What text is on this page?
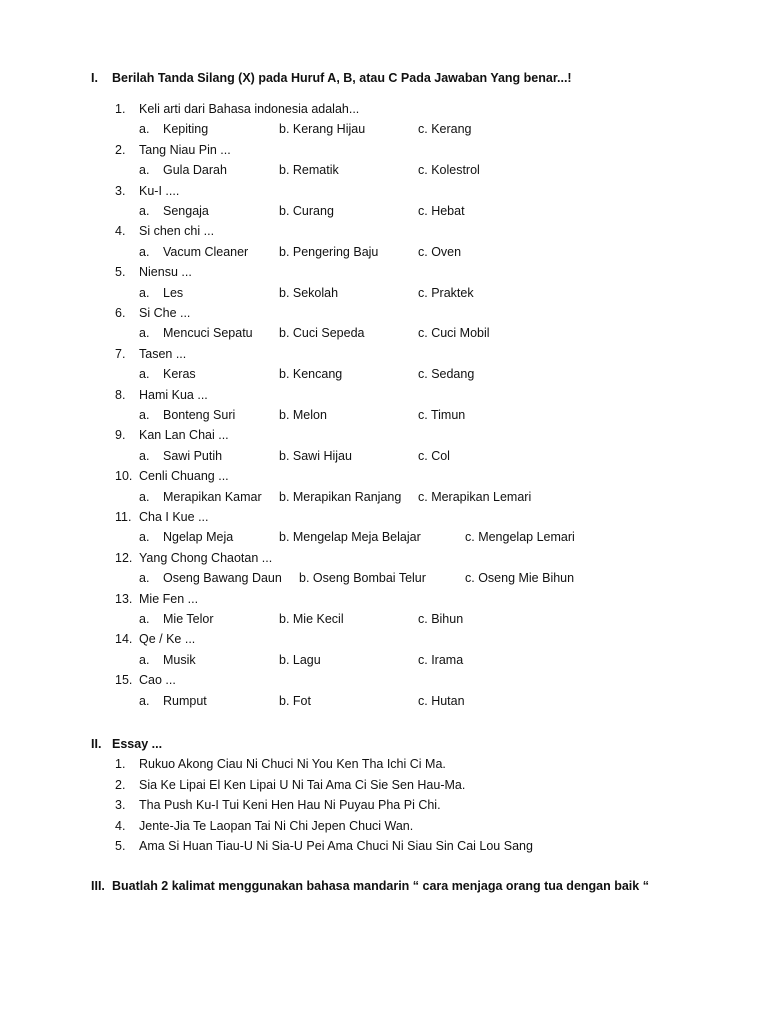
I. Berilah Tanda Silang (X) pada Huruf A, B, atau C Pada Jawaban Yang benar...!
1. Keli arti dari Bahasa indonesia adalah...
a. Kepiting	b. Kerang Hijau	c. Kerang
2. Tang Niau Pin ...
a. Gula Darah	b. Rematik	c. Kolestrol
3. Ku-I ....
a. Sengaja	b. Curang	c. Hebat
4. Si chen chi ...
a. Vacum Cleaner b. Pengering Baju	c. Oven
5. Niensu ...
a. Les	b. Sekolah	c. Praktek
6. Si Che ...
a. Mencuci Sepatu b. Cuci Sepeda	c. Cuci Mobil
7. Tasen ...
a. Keras	b. Kencang	c. Sedang
8. Hami Kua ...
a. Bonteng Suri	b. Melon	c. Timun
9. Kan Lan Chai ...
a. Sawi Putih	b. Sawi Hijau	c. Col
10. Cenli Chuang ...
a. Merapikan Kamar b. Merapikan Ranjang c. Merapikan Lemari
11. Cha I Kue ...
a. Ngelap Meja	b. Mengelap Meja Belajar	c. Mengelap Lemari
12. Yang Chong Chaotan ...
a. Oseng Bawang Daun b. Oseng Bombai Telur	c. Oseng Mie Bihun
13. Mie Fen ...
a. Mie Telor	b. Mie Kecil	c. Bihun
14. Qe / Ke ...
a. Musik	b. Lagu	c. Irama
15. Cao ...
a. Rumput	b. Fot	c. Hutan
II. Essay ...
1. Rukuo Akong Ciau Ni Chuci Ni You Ken Tha Ichi Ci Ma.
2. Sia Ke Lipai El Ken Lipai U Ni Tai Ama Ci Sie Sen Hau-Ma.
3. Tha Push Ku-I Tui Keni Hen Hau Ni Puyau Pha Pi Chi.
4. Jente-Jia Te Laopan Tai Ni Chi Jepen Chuci Wan.
5. Ama Si Huan Tiau-U Ni Sia-U Pei Ama Chuci Ni Siau Sin Cai Lou Sang
III. Buatlah 2 kalimat menggunakan bahasa mandarin “ cara menjaga orang tua dengan baik “
